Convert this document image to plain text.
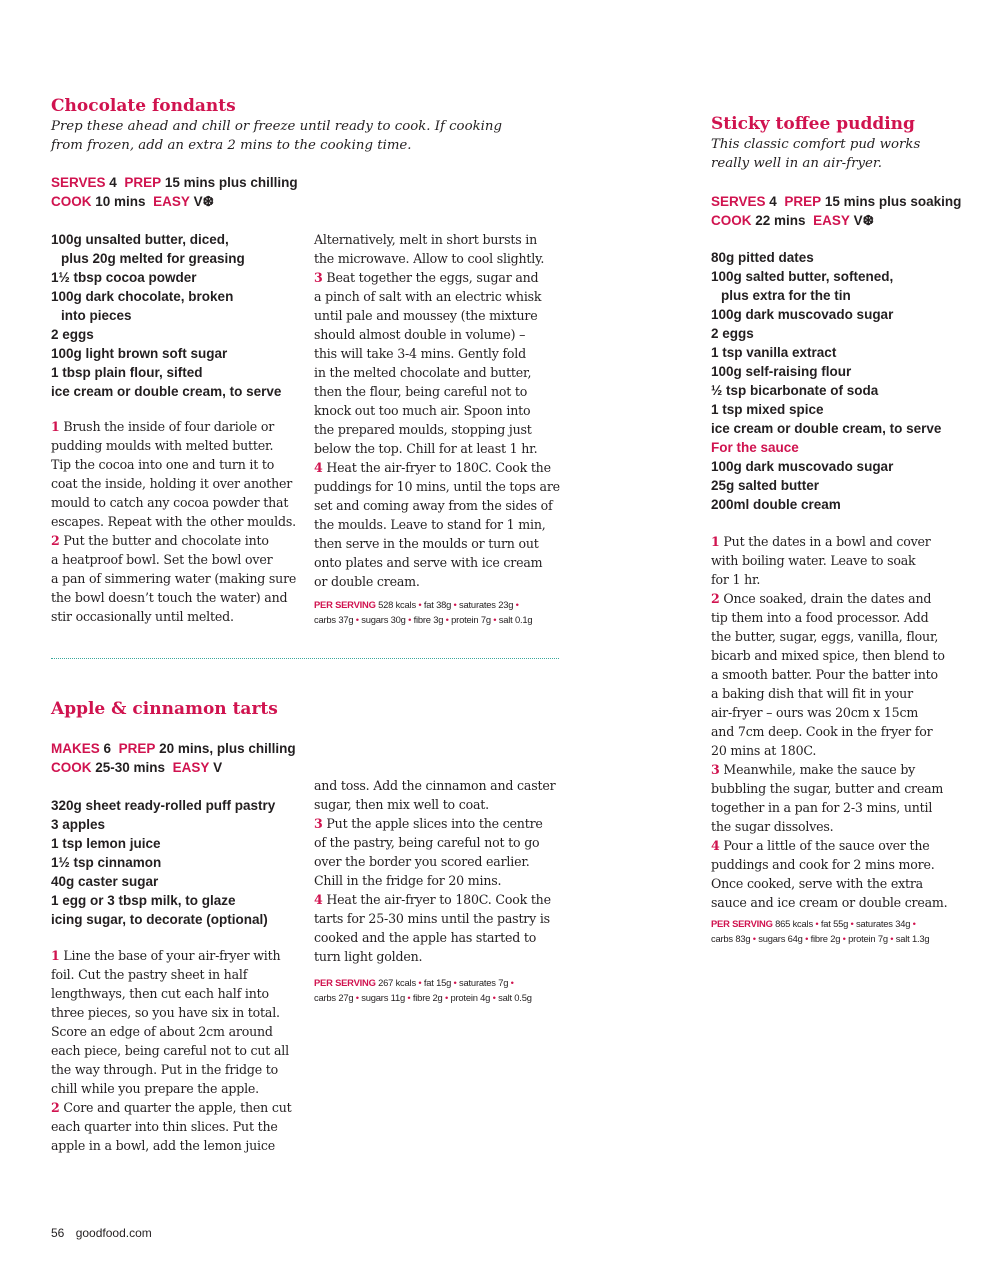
Chocolate fondants

Prep these ahead and chill or freeze until ready to cook. If cooking
from frozen, add an extra 2 mins to the cooking time.

SERVES 4 PREP 15 mins plus chilling
COOK 10 mins EASY V❆
100g unsalted butter, diced,
plus 20g melted for greasing
1½ tbsp cocoa powder
100g dark chocolate, broken
into pieces
2 eggs
100g light brown soft sugar
1 tbsp plain flour, sifted
ice cream or double cream, to serve
1 Brush the inside of four dariole or
pudding moulds with melted butter.
Tip the cocoa into one and turn it to
coat the inside, holding it over another
mould to catch any cocoa powder that
escapes. Repeat with the other moulds.
2 Put the butter and chocolate into
a heatproof bowl. Set the bowl over
a pan of simmering water (making sure
the bowl doesn’t touch the water) and
stir occasionally until melted.
Alternatively, melt in short bursts in
the microwave. Allow to cool slightly.
3 Beat together the eggs, sugar and
a pinch of salt with an electric whisk
until pale and moussey (the mixture
should almost double in volume) –
this will take 3-4 mins. Gently fold
in the melted chocolate and butter,
then the flour, being careful not to
knock out too much air. Spoon into
the prepared moulds, stopping just
below the top. Chill for at least 1 hr.
4 Heat the air-fryer to 180C. Cook the
puddings for 10 mins, until the tops are
set and coming away from the sides of
the moulds. Leave to stand for 1 min,
then serve in the moulds or turn out
onto plates and serve with ice cream
or double cream.
PER SERVING 528 kcals • fat 38g • saturates 23g •
carbs 37g • sugars 30g • fibre 3g • protein 7g • salt 0.1g
Apple & cinnamon tarts
MAKES 6 PREP 20 mins, plus chilling
COOK 25-30 mins EASY V
320g sheet ready-rolled puff pastry
3 apples
1 tsp lemon juice
1½ tsp cinnamon
40g caster sugar
1 egg or 3 tbsp milk, to glaze
icing sugar, to decorate (optional)
1 Line the base of your air-fryer with
foil. Cut the pastry sheet in half
lengthways, then cut each half into
three pieces, so you have six in total.
Score an edge of about 2cm around
each piece, being careful not to cut all
the way through. Put in the fridge to
chill while you prepare the apple.
2 Core and quarter the apple, then cut
each quarter into thin slices. Put the
apple in a bowl, add the lemon juice
and toss. Add the cinnamon and caster
sugar, then mix well to coat.
3 Put the apple slices into the centre
of the pastry, being careful not to go
over the border you scored earlier.
Chill in the fridge for 20 mins.
4 Heat the air-fryer to 180C. Cook the
tarts for 25-30 mins until the pastry is
cooked and the apple has started to
turn light golden.
PER SERVING 267 kcals • fat 15g • saturates 7g •
carbs 27g • sugars 11g • fibre 2g • protein 4g • salt 0.5g
Sticky toffee pudding

This classic comfort pud works
really well in an air-fryer.

SERVES 4 PREP 15 mins plus soaking
COOK 22 mins EASY V❆
80g pitted dates
100g salted butter, softened,
plus extra for the tin
100g dark muscovado sugar
2 eggs
1 tsp vanilla extract
100g self-raising flour
½ tsp bicarbonate of soda
1 tsp mixed spice
ice cream or double cream, to serve
For the sauce
100g dark muscovado sugar
25g salted butter
200ml double cream
1 Put the dates in a bowl and cover
with boiling water. Leave to soak
for 1 hr.
2 Once soaked, drain the dates and
tip them into a food processor. Add
the butter, sugar, eggs, vanilla, flour,
bicarb and mixed spice, then blend to
a smooth batter. Pour the batter into
a baking dish that will fit in your
air-fryer – ours was 20cm x 15cm
and 7cm deep. Cook in the fryer for
20 mins at 180C.
3 Meanwhile, make the sauce by
bubbling the sugar, butter and cream
together in a pan for 2-3 mins, until
the sugar dissolves.
4 Pour a little of the sauce over the
puddings and cook for 2 mins more.
Once cooked, serve with the extra
sauce and ice cream or double cream.
PER SERVING 865 kcals • fat 55g • saturates 34g •
carbs 83g • sugars 64g • fibre 2g • protein 7g • salt 1.3g
56 goodfood.com
